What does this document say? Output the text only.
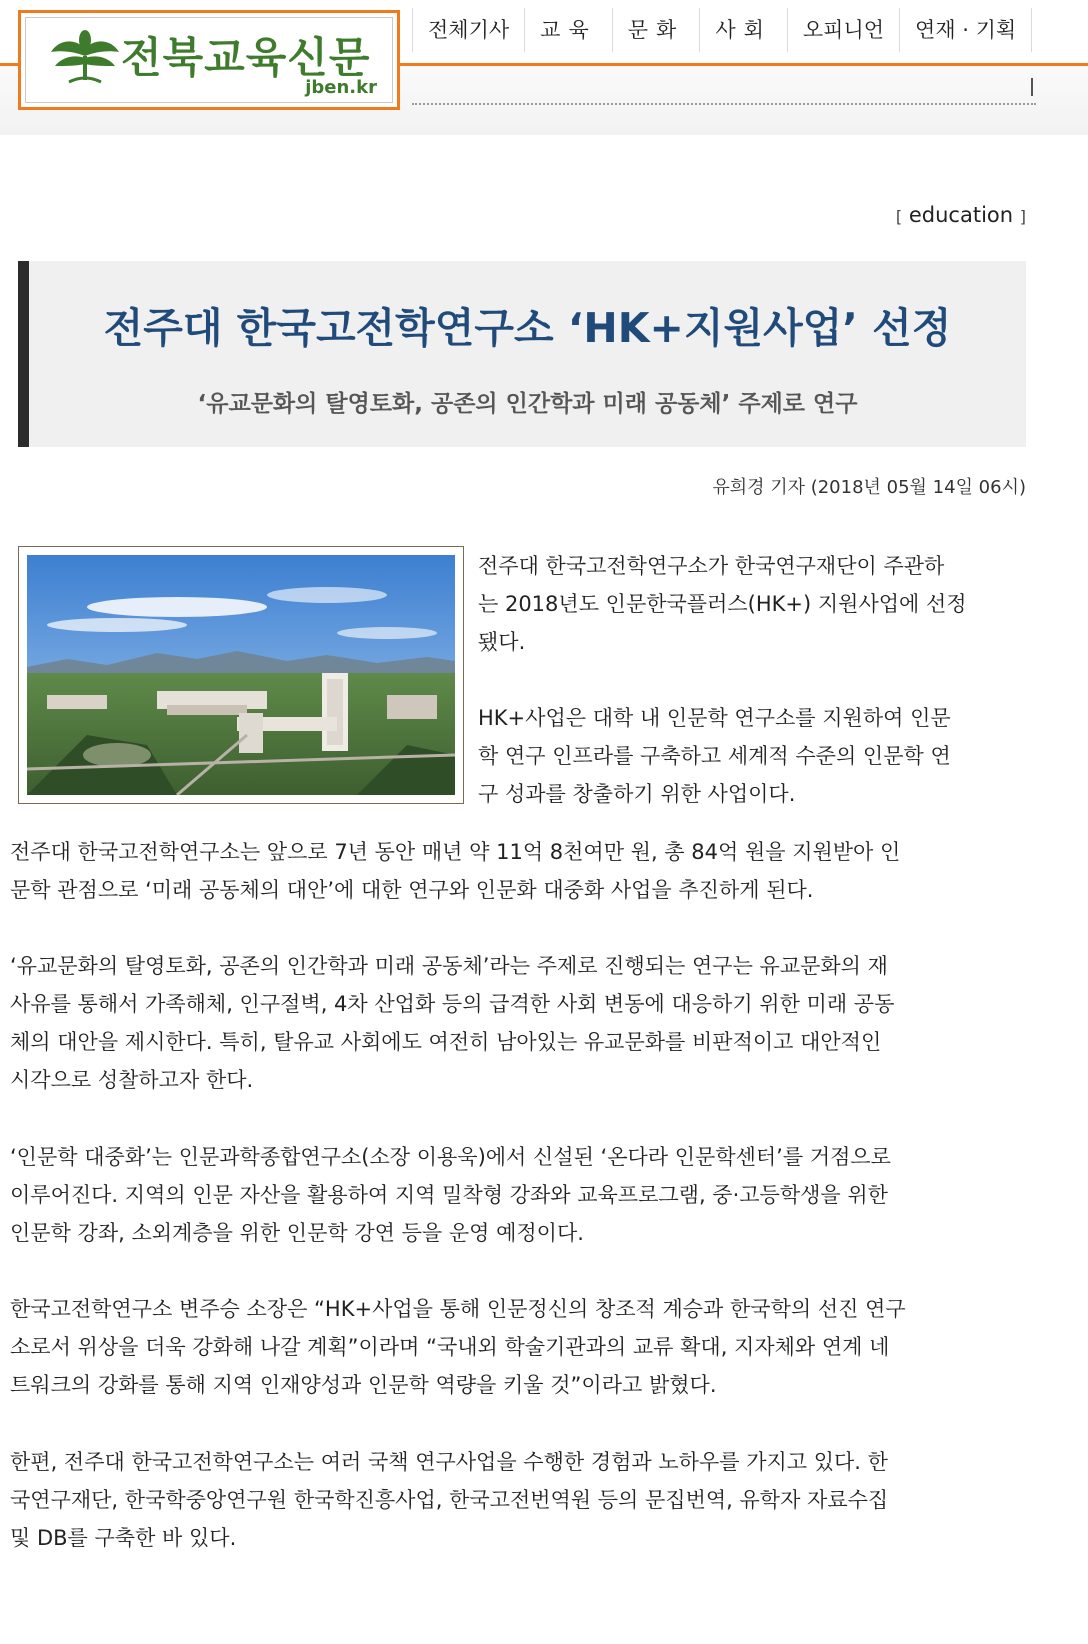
전북교육신문
jben.kr
전체기사	교육	문화	사회	오피니언	연재 · 기획
[ education ]
전주대 한국고전학연구소 ‘HK+지원사업’ 선정
‘유교문화의 탈영토화, 공존의 인간학과 미래 공동체’ 주제로 연구
유희경 기자 (2018년 05월 14일 06시)
전주대 한국고전학연구소가 한국연구재단이 주관하
는 2018년도 인문한국플러스(HK+) 지원사업에 선정
됐다.
HK+사업은 대학 내 인문학 연구소를 지원하여 인문
학 연구 인프라를 구축하고 세계적 수준의 인문학 연
구 성과를 창출하기 위한 사업이다.
전주대 한국고전학연구소는 앞으로 7년 동안 매년 약 11억 8천여만 원, 총 84억 원을 지원받아 인
문학 관점으로 ‘미래 공동체의 대안’에 대한 연구와 인문화 대중화 사업을 추진하게 된다.
‘유교문화의 탈영토화, 공존의 인간학과 미래 공동체’라는 주제로 진행되는 연구는 유교문화의 재
사유를 통해서 가족해체, 인구절벽, 4차 산업화 등의 급격한 사회 변동에 대응하기 위한 미래 공동
체의 대안을 제시한다. 특히, 탈유교 사회에도 여전히 남아있는 유교문화를 비판적이고 대안적인
시각으로 성찰하고자 한다.
‘인문학 대중화’는 인문과학종합연구소(소장 이용욱)에서 신설된 ‘온다라 인문학센터’를 거점으로
이루어진다. 지역의 인문 자산을 활용하여 지역 밀착형 강좌와 교육프로그램, 중·고등학생을 위한
인문학 강좌, 소외계층을 위한 인문학 강연 등을 운영 예정이다.
한국고전학연구소 변주승 소장은 “HK+사업을 통해 인문정신의 창조적 계승과 한국학의 선진 연구
소로서 위상을 더욱 강화해 나갈 계획”이라며 “국내외 학술기관과의 교류 확대, 지자체와 연계 네
트워크의 강화를 통해 지역 인재양성과 인문학 역량을 키울 것”이라고 밝혔다.
한편, 전주대 한국고전학연구소는 여러 국책 연구사업을 수행한 경험과 노하우를 가지고 있다. 한
국연구재단, 한국학중앙연구원 한국학진흥사업, 한국고전번역원 등의 문집번역, 유학자 자료수집
및 DB를 구축한 바 있다.
